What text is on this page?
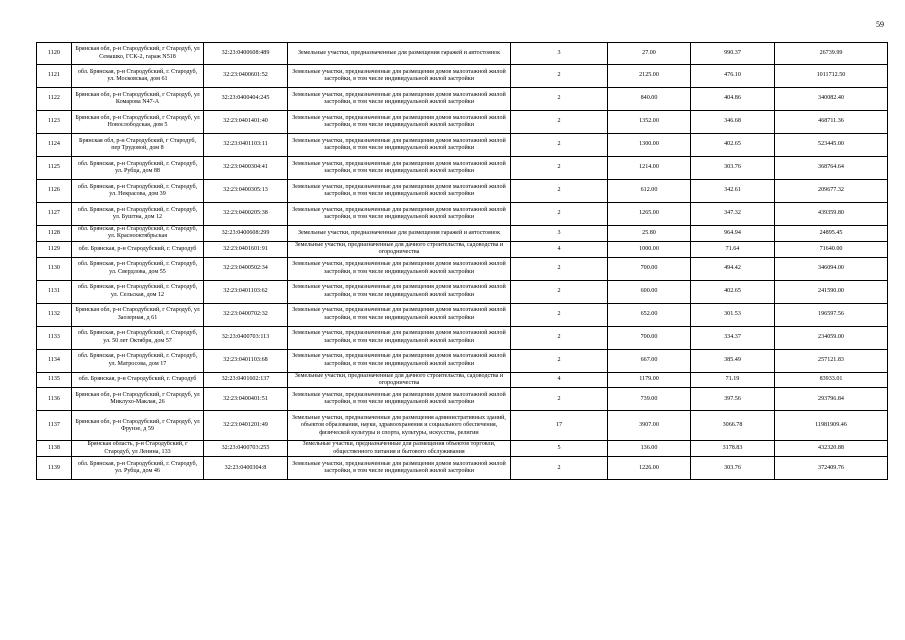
59
1120	Брянская обл, р-н Стародубский, г Стародуб, ул Семашко, ГСК-2, гараж N518	32:23:0400608:489	Земельные участки, предназначенные для размещения гаражей и автостоянок	3	27.00	990.37	26739.99
1121	обл. Брянская, р-н Стародубский, г. Стародуб, ул. Московская, дом 61	32:23:0400601:52	Земельные участки, предназначенные для размещения домов малоэтажной жилой застройки, в том числе индивидуальной жилой застройки	2	2125.00	476.10	1011712.50
1122	Брянская обл, р-н Стародубский, г Стародуб, ул Комарова N47-А	32:23:0400404:245	Земельные участки, предназначенные для размещения домов малоэтажной жилой застройки, в том числе индивидуальной жилой застройки	2	840.00	404.86	340082.40
1123	Брянская обл, р-н Стародубский, г Стародуб, ул Новослободская, дом 5	32:23:0401401:40	Земельные участки, предназначенные для размещения домов малоэтажной жилой застройки, в том числе индивидуальной жилой застройки	2	1352.00	346.68	468711.36
1124	Брянская обл, р-н Стародубский, г Стародуб, пер Трудовой, дом 8	32:23:0401103:11	Земельные участки, предназначенные для размещения домов малоэтажной жилой застройки, в том числе индивидуальной жилой застройки	2	1300.00	402.65	523445.00
1125	обл. Брянская, р-н Стародубский, г. Стародуб, ул. Рубца, дом 88	32:23:0400304:41	Земельные участки, предназначенные для размещения домов малоэтажной жилой застройки, в том числе индивидуальной жилой застройки	2	1214.00	303.76	368764.64
1126	обл. Брянская, р-н Стародубский, г. Стародуб, ул. Некрасова, дом 39	32:23:0400305:13	Земельные участки, предназначенные для размещения домов малоэтажной жилой застройки, в том числе индивидуальной жилой застройки	2	612.00	342.61	209677.32
1127	обл. Брянская, р-н Стародубский, г. Стародуб, ул. Буштна, дом 12	32:23:0400205:38	Земельные участки, предназначенные для размещения домов малоэтажной жилой застройки, в том числе индивидуальной жилой застройки	2	1265.00	347.32	439359.80
1128	обл. Брянская, р-н Стародубский, г. Стародуб, ул. Краснооктябрьская	32:23:0400608:299	Земельные участки, предназначенные для размещения гаражей и автостоянок	3	25.80	964.94	24895.45
1129	обл. Брянская, р-н Стародубский, г. Стародуб	32:23:0401601:91	Земельные участки, предназначенные для дачного строительства, садоводства и огородничества	4	1000.00	71.64	71640.00
1130	обл. Брянская, р-н Стародубский, г. Стародуб, ул. Свердлова, дом 55	32:23:0400502:34	Земельные участки, предназначенные для размещения домов малоэтажной жилой застройки, в том числе индивидуальной жилой застройки	2	700.00	494.42	346094.00
1131	обл. Брянская, р-н Стародубский, г. Стародуб, ул. Сельская, дом 12	32:23:0401103:62	Земельные участки, предназначенные для размещения домов малоэтажной жилой застройки, в том числе индивидуальной жилой застройки	2	600.00	402.65	241590.00
1132	Брянская обл, р-н Стародубский, г Стародуб, ул Заозерная, д 61	32:23:0400702:32	Земельные участки, предназначенные для размещения домов малоэтажной жилой застройки, в том числе индивидуальной жилой застройки	2	652.00	301.53	196597.56
1133	обл. Брянская, р-н Стародубский, г. Стародуб, ул. 50 лет Октября, дом 57	32:23:0400703:113	Земельные участки, предназначенные для размещения домов малоэтажной жилой застройки, в том числе индивидуальной жилой застройки	2	700.00	334.37	234059.00
1134	обл. Брянская, р-н Стародубский, г. Стародуб, ул. Матросова, дом 17	32:23:0401103:68	Земельные участки, предназначенные для размещения домов малоэтажной жилой застройки, в том числе индивидуальной жилой застройки	2	667.00	385.49	257121.83
1135	обл. Брянская, р-н Стародубский, г. Стародуб	32:23:0401602:137	Земельные участки, предназначенные для дачного строительства, садоводства и огородничества	4	1179.00	71.19	83933.01
1136	Брянская обл, р-н Стародубский, г Стародуб, ул Миклухо-Маклая, 26	32:23:0400401:51	Земельные участки, предназначенные для размещения домов малоэтажной жилой застройки, в том числе индивидуальной жилой застройки	2	739.00	397.56	293796.84
1137	Брянская обл, р-н Стародубский, г Стародуб, ул Фрунзе, д 59	32:23:0401201:49	Земельные участки, предназначенные для размещения административных зданий, объектов образования, науки, здравоохранения и социального обеспечения, физической культуры и спорта, культуры, искусства, религии	17	3907.00	3066.78	11981909.46
1138	Брянская область, р-н Стародубский, г Стародуб, ул Ленина, 133	32:23:0400703:255	Земельные участки, предназначенные для размещения объектов торговли, общественного питания и бытового обслуживания	5	136.00	3178.83	432320.88
1139	обл. Брянская, р-н Стародубский, г. Стародуб, ул. Рубца, дом 46	32:23:0400304:8	Земельные участки, предназначенные для размещения домов малоэтажной жилой застройки, в том числе индивидуальной жилой застройки	2	1226.00	303.76	372409.76
